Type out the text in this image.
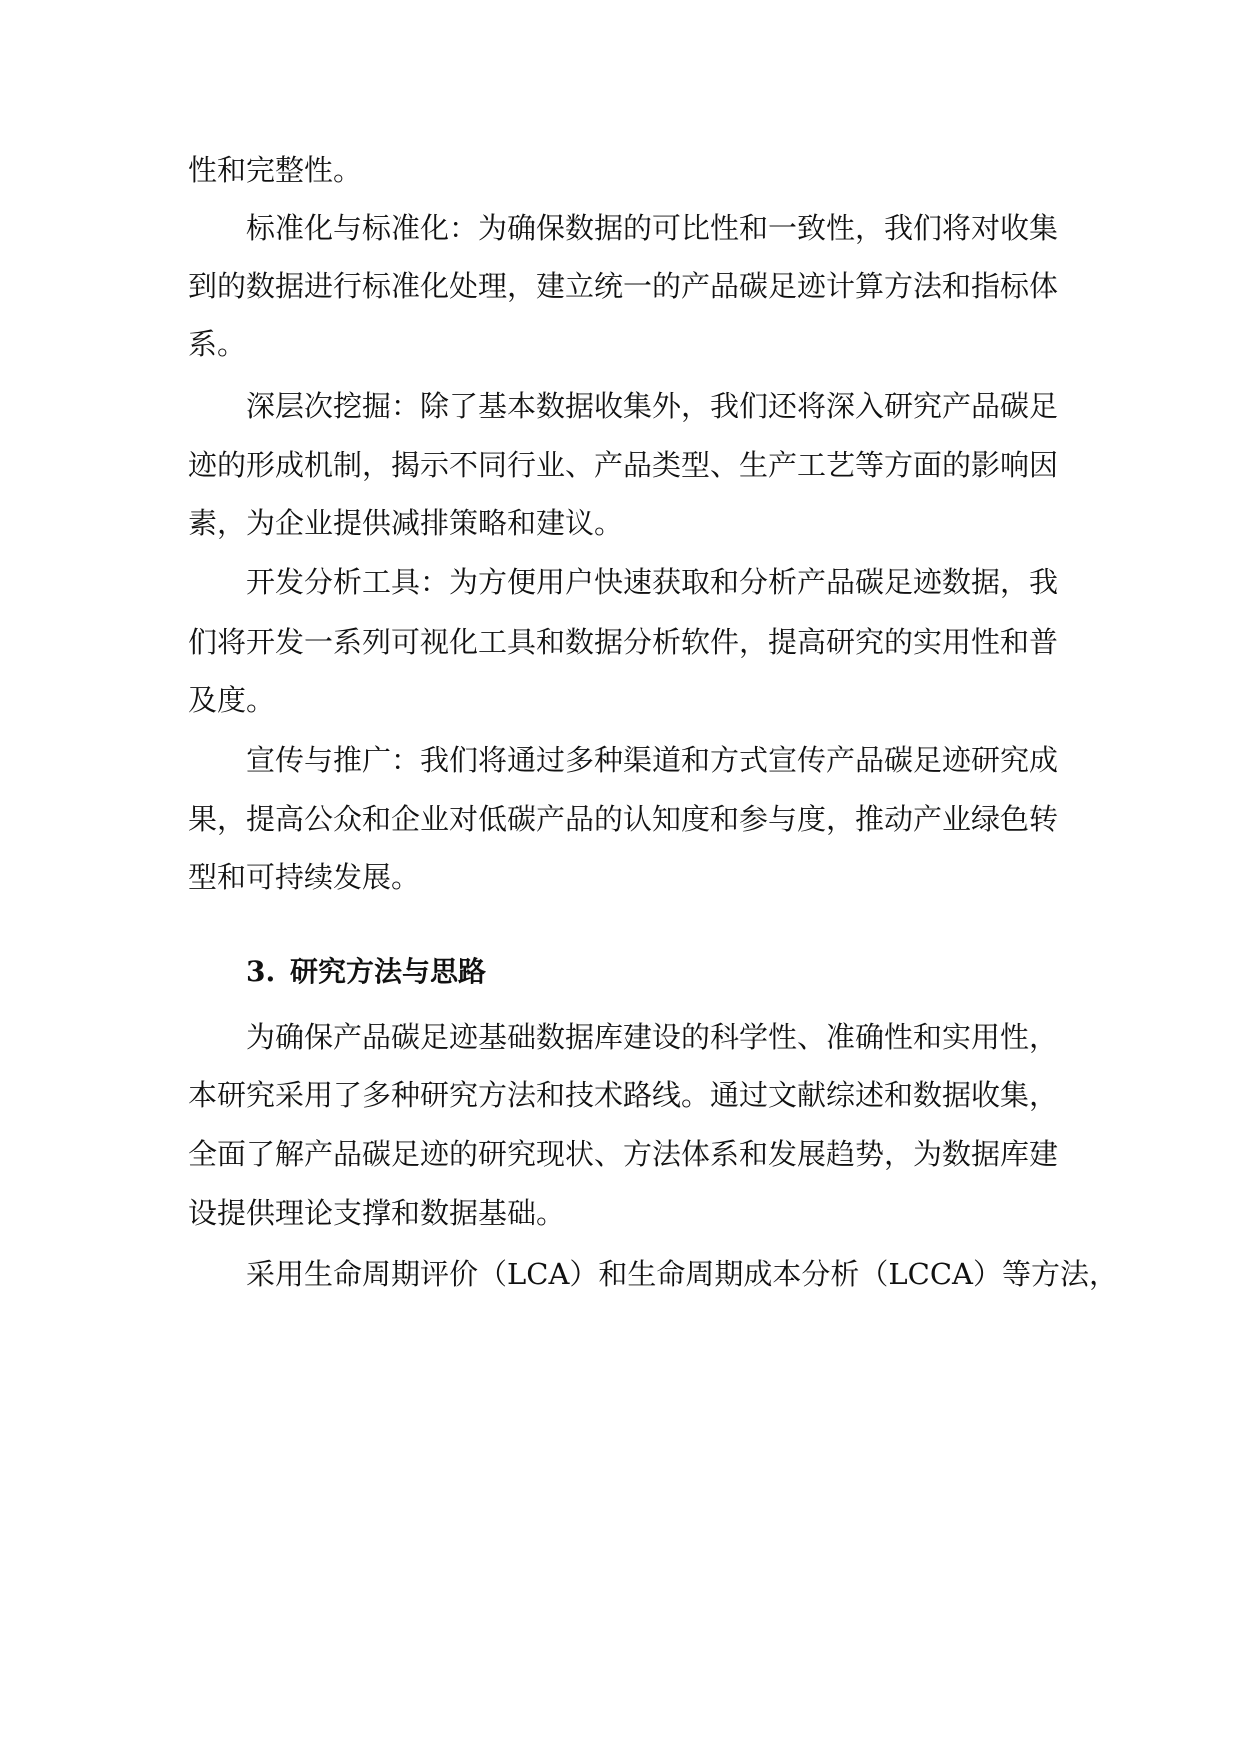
性和完整性。
标准化与标准化：为确保数据的可比性和一致性，我们将对收集
到的数据进行标准化处理，建立统一的产品碳足迹计算方法和指标体
系。
深层次挖掘：除了基本数据收集外，我们还将深入研究产品碳足
迹的形成机制，揭示不同行业、产品类型、生产工艺等方面的影响因
素，为企业提供减排策略和建议。
开发分析工具：为方便用户快速获取和分析产品碳足迹数据，我
们将开发一系列可视化工具和数据分析软件，提高研究的实用性和普
及度。
宣传与推广：我们将通过多种渠道和方式宣传产品碳足迹研究成
果，提高公众和企业对低碳产品的认知度和参与度，推动产业绿色转
型和可持续发展。
3. 研究方法与思路
为确保产品碳足迹基础数据库建设的科学性、准确性和实用性，
本研究采用了多种研究方法和技术路线。通过文献综述和数据收集，
全面了解产品碳足迹的研究现状、方法体系和发展趋势，为数据库建
设提供理论支撑和数据基础。
采用生命周期评价（LCA）和生命周期成本分析（LCCA）等方法，
